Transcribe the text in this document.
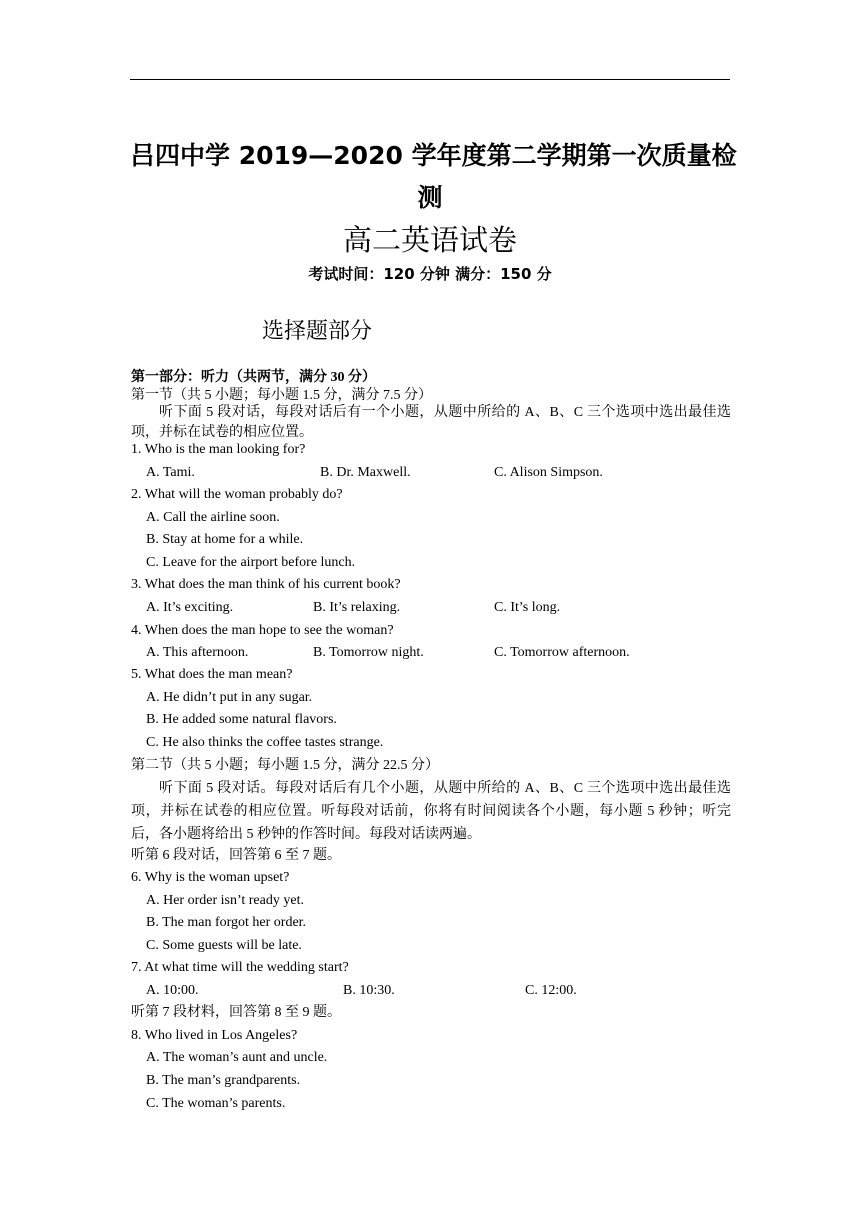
吕四中学 2019—2020 学年度第二学期第一次质量检
测
高二英语试卷
考试时间：120 分钟 满分：150 分
选择题部分
第一部分：听力（共两节，满分 30 分）
第一节（共 5 小题；每小题 1.5 分，满分 7.5 分）
听下面 5 段对话，每段对话后有一个小题，从题中所给的 A、B、C 三个选项中选出最佳选项，并标在试卷的相应位置。
1. Who is the man looking for?
A. Tami.	B. Dr. Maxwell.	C. Alison Simpson.
2. What will the woman probably do?
A. Call the airline soon.
B. Stay at home for a while.
C. Leave for the airport before lunch.
3. What does the man think of his current book?
A. It’s exciting.	B. It’s relaxing.	C. It’s long.
4. When does the man hope to see the woman?
A. This afternoon.	B. Tomorrow night.	C. Tomorrow afternoon.
5. What does the man mean?
A. He didn’t put in any sugar.
B. He added some natural flavors.
C. He also thinks the coffee tastes strange.
第二节（共 5 小题；每小题 1.5 分，满分 22.5 分）
听下面 5 段对话。每段对话后有几个小题，从题中所给的 A、B、C 三个选项中选出最佳选项，并标在试卷的相应位置。听每段对话前，你将有时间阅读各个小题，每小题 5 秒钟；听完后，各小题将给出 5 秒钟的作答时间。每段对话读两遍。
听第 6 段对话，回答第 6 至 7 题。
6. Why is the woman upset?
A. Her order isn’t ready yet.
B. The man forgot her order.
C. Some guests will be late.
7. At what time will the wedding start?
A. 10:00.	B. 10:30.	C. 12:00.
听第 7 段材料，回答第 8 至 9 题。
8. Who lived in Los Angeles?
A. The woman’s aunt and uncle.
B. The man’s grandparents.
C. The woman’s parents.
